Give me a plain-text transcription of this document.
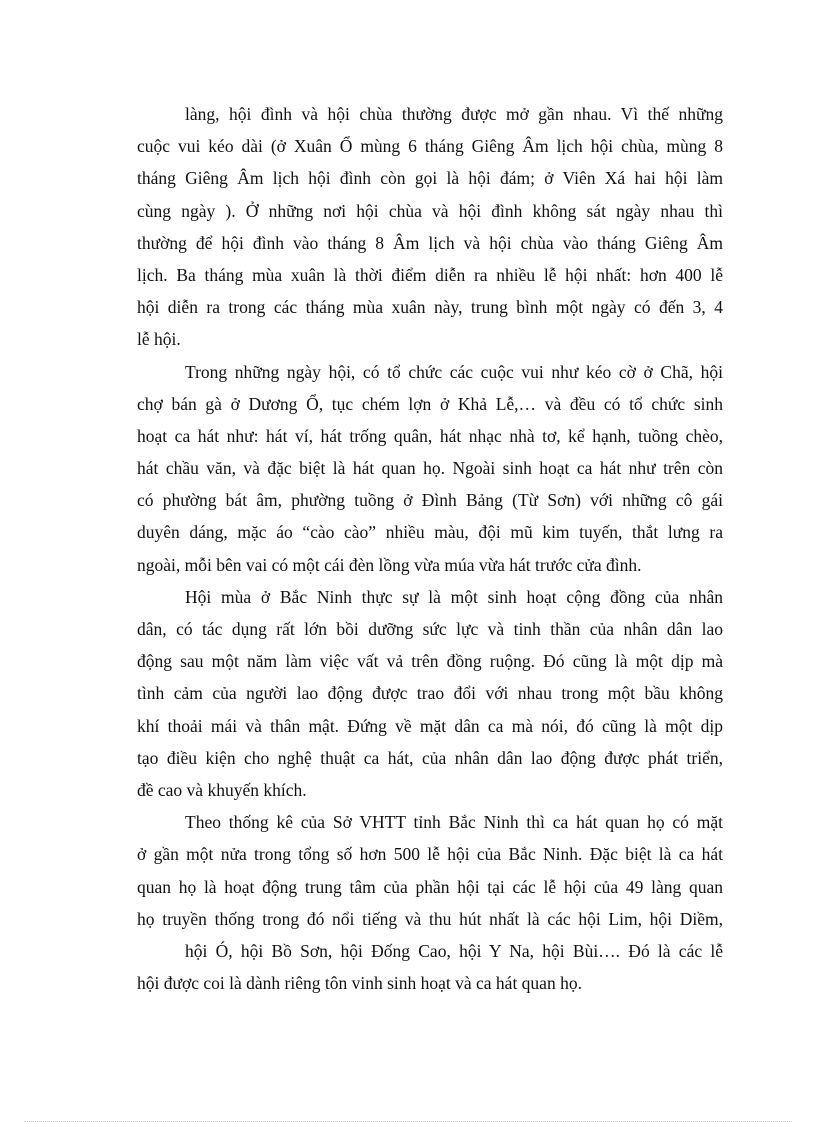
làng, hội đình và hội chùa thường được mở gần nhau. Vì thế những
cuộc vui kéo dài (ở Xuân Ổ mùng 6 tháng Giêng Âm lịch hội chùa, mùng 8
tháng Giêng Âm lịch hội đình còn gọi là hội đám; ở Viên Xá hai hội làm
cùng ngày ). Ở những nơi hội chùa và hội đình không sát ngày nhau thì
thường để hội đình vào tháng 8 Âm lịch và hội chùa vào tháng Giêng Âm
lịch. Ba tháng mùa xuân là thời điểm diễn ra nhiều lễ hội nhất: hơn 400 lễ
hội diễn ra trong các tháng mùa xuân này, trung bình một ngày có đến 3, 4
lễ hội.
Trong những ngày hội, có tổ chức các cuộc vui như kéo cờ ở Chã, hội
chợ bán gà ở Dương Ổ, tục chém lợn ở Khả Lễ,… và đều có tổ chức sinh
hoạt ca hát như: hát ví, hát trống quân, hát nhạc nhà tơ, kể hạnh, tuồng chèo,
hát chầu văn, và đặc biệt là hát quan họ. Ngoài sinh hoạt ca hát như trên còn
có phường bát âm, phường tuồng ở Đình Bảng (Từ Sơn) với những cô gái
duyên dáng, mặc áo “cào cào” nhiều màu, đội mũ kim tuyến, thắt lưng ra
ngoài, mỗi bên vai có một cái đèn lồng vừa múa vừa hát trước cửa đình.
Hội mùa ở Bắc Ninh thực sự là một sinh hoạt cộng đồng của nhân
dân, có tác dụng rất lớn bồi dưỡng sức lực và tinh thần của nhân dân lao
động sau một năm làm việc vất vả trên đồng ruộng. Đó cũng là một dịp mà
tình cảm của người lao động được trao đổi với nhau trong một bầu không
khí thoải mái và thân mật. Đứng về mặt dân ca mà nói, đó cũng là một dịp
tạo điều kiện cho nghệ thuật ca hát, của nhân dân lao động được phát triển,
đề cao và khuyến khích.
Theo thống kê của Sở VHTT tỉnh Bắc Ninh thì ca hát quan họ có mặt
ở gần một nửa trong tổng số hơn 500 lễ hội của Bắc Ninh. Đặc biệt là ca hát
quan họ là hoạt động trung tâm của phần hội tại các lễ hội của 49 làng quan
họ truyền thống trong đó nổi tiếng và thu hút nhất là các hội Lim, hội Diềm,
hội Ó, hội Bồ Sơn, hội Đống Cao, hội Y Na, hội Bùi…. Đó là các lễ
hội được coi là dành riêng tôn vinh sinh hoạt và ca hát quan họ.
